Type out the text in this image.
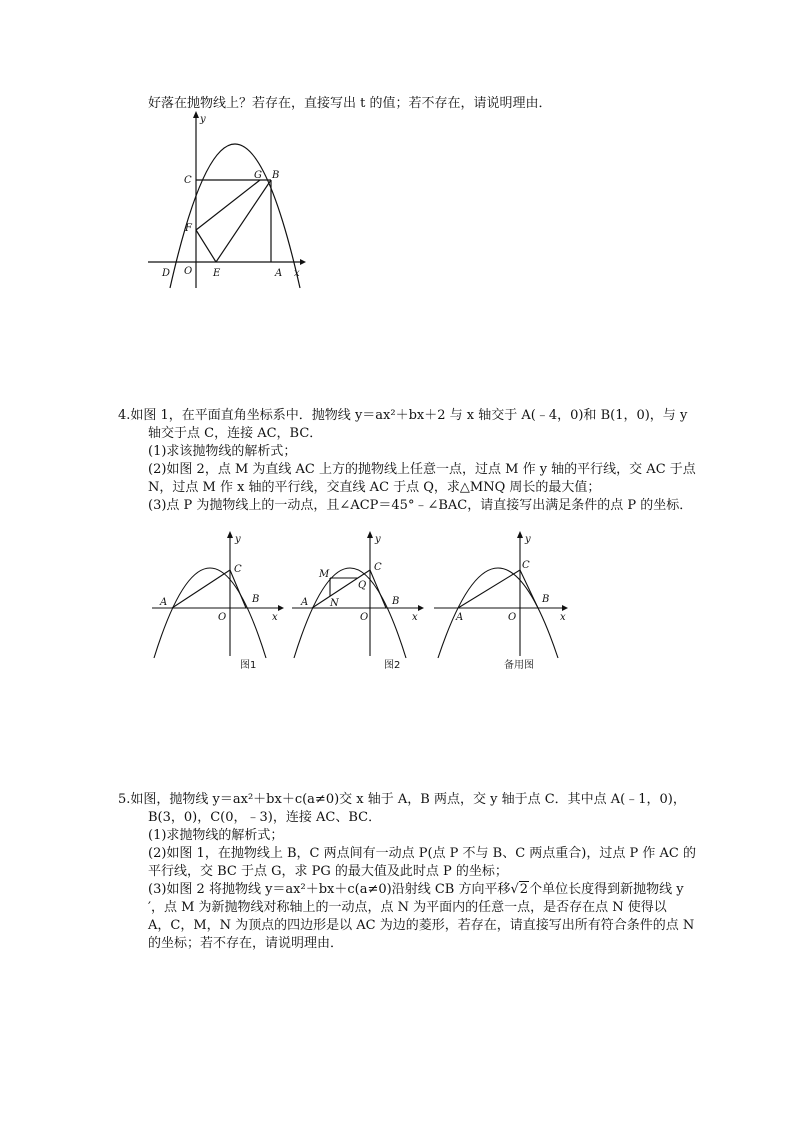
好落在抛物线上？若存在，直接写出 t 的值；若不存在，请说明理由．
y
x
C	G B
F
O E	A
D
4.如图 1，在平面直角坐标系中．抛物线 y＝ax²＋bx＋2 与 x 轴交于 A(﹣4，0)和 B(1，0)，与 y
轴交于点 C，连接 AC，BC．
(1)求该抛物线的解析式；
(2)如图 2，点 M 为直线 AC 上方的抛物线上任意一点，过点 M 作 y 轴的平行线，交 AC 于点
N，过点 M 作 x 轴的平行线，交直线 AC 于点 Q，求△MNQ 周长的最大值；
(3)点 P 为抛物线上的一动点，且∠ACP＝45°﹣∠BAC，请直接写出满足条件的点 P 的坐标．
y
x
A	B
C
O
图1
y
x
A	B
C
O
M
N
Q
图2
y
x
A
B
C
O
备用图
5.如图，抛物线 y＝ax²＋bx＋c(a≠0)交 x 轴于 A，B 两点，交 y 轴于点 C．其中点 A(﹣1，0)，
B(3，0)，C(0，﹣3)，连接 AC、BC．
(1)求抛物线的解析式；
(2)如图 1，在抛物线上 B，C 两点间有一动点 P(点 P 不与 B、C 两点重合)，过点 P 作 AC 的
平行线，交 BC 于点 G，求 PG 的最大值及此时点 P 的坐标；
(3)如图 2 将抛物线 y＝ax²＋bx＋c(a≠0)沿射线 CB 方向平移√2个单位长度得到新抛物线 y
′，点 M 为新抛物线对称轴上的一动点，点 N 为平面内的任意一点，是否存在点 N 使得以
A，C，M，N 为顶点的四边形是以 AC 为边的菱形，若存在，请直接写出所有符合条件的点 N
的坐标；若不存在，请说明理由．
